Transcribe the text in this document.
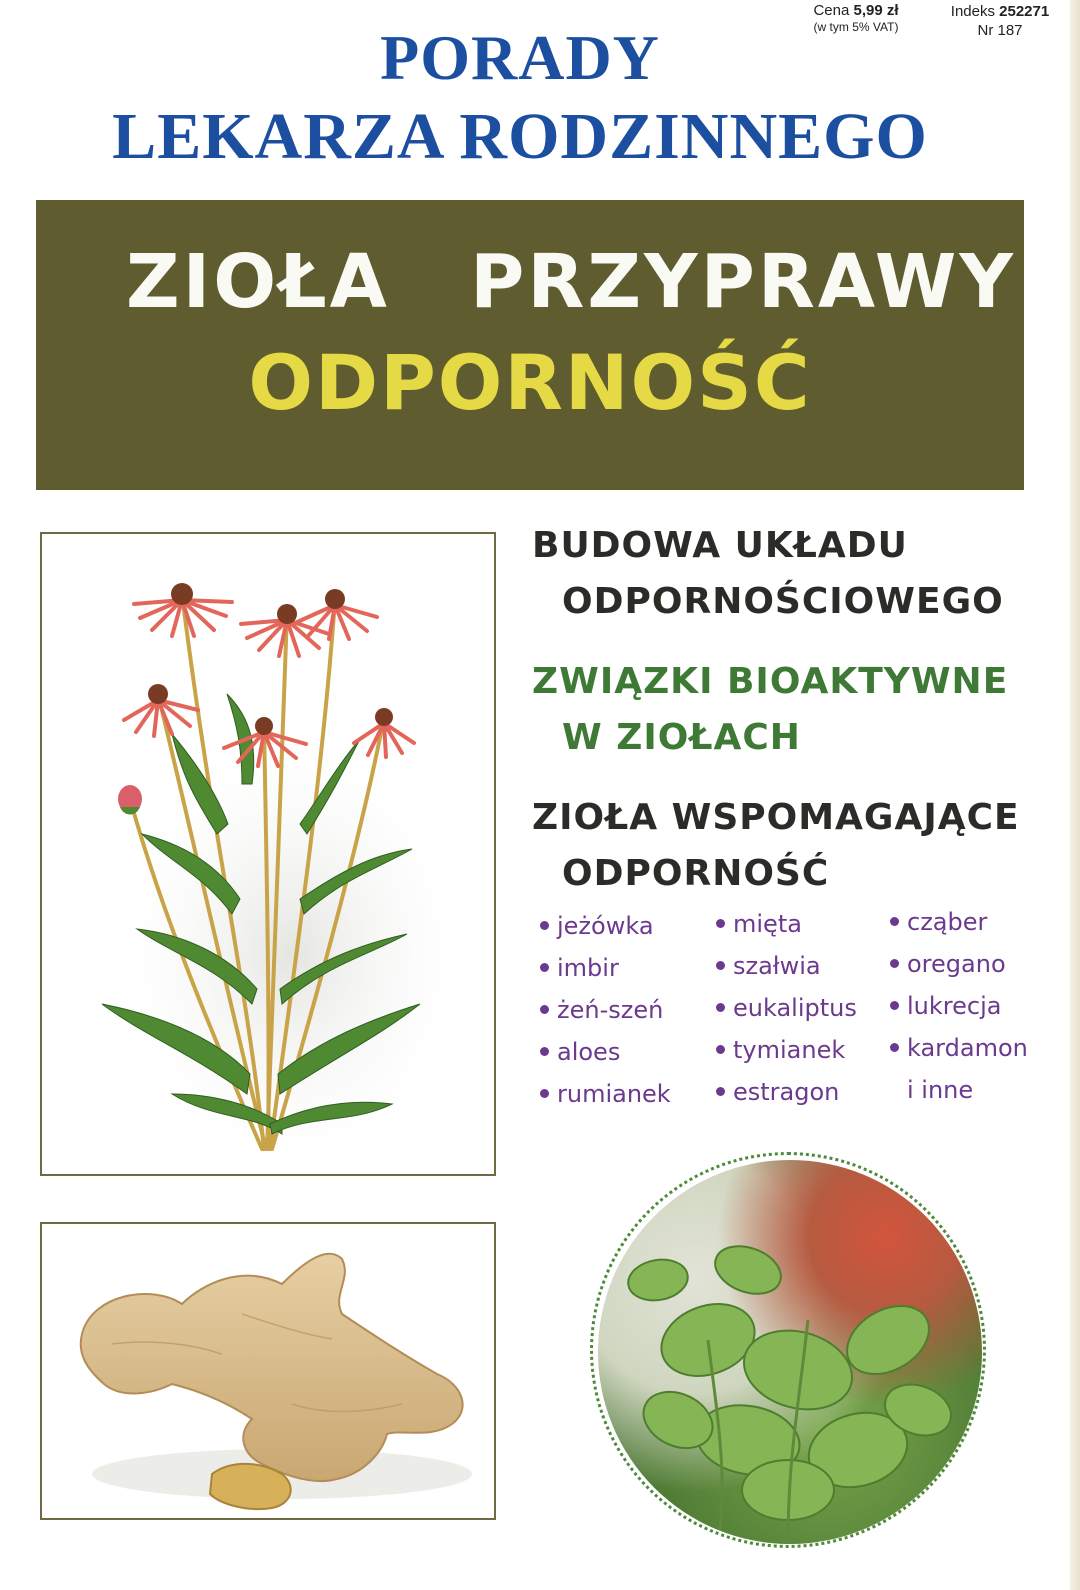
Cena 5,99 zł
(w tym 5% VAT)
Indeks 252271
Nr 187
PORADY
LEKARZA RODZINNEGO
ZIOŁA PRZYPRAWY
ODPORNOŚĆ
BUDOWA UKŁADU
ODPORNOŚCIOWEGO
ZWIĄZKI BIOAKTYWNE
W ZIOŁACH
ZIOŁA WSPOMAGAJĄCE
ODPORNOŚĆ
jeżówka
imbir
żeń-szeń
aloes
rumianek
mięta
szałwia
eukaliptus
tymianek
estragon
cząber
oregano
lukrecja
kardamon
i inne
